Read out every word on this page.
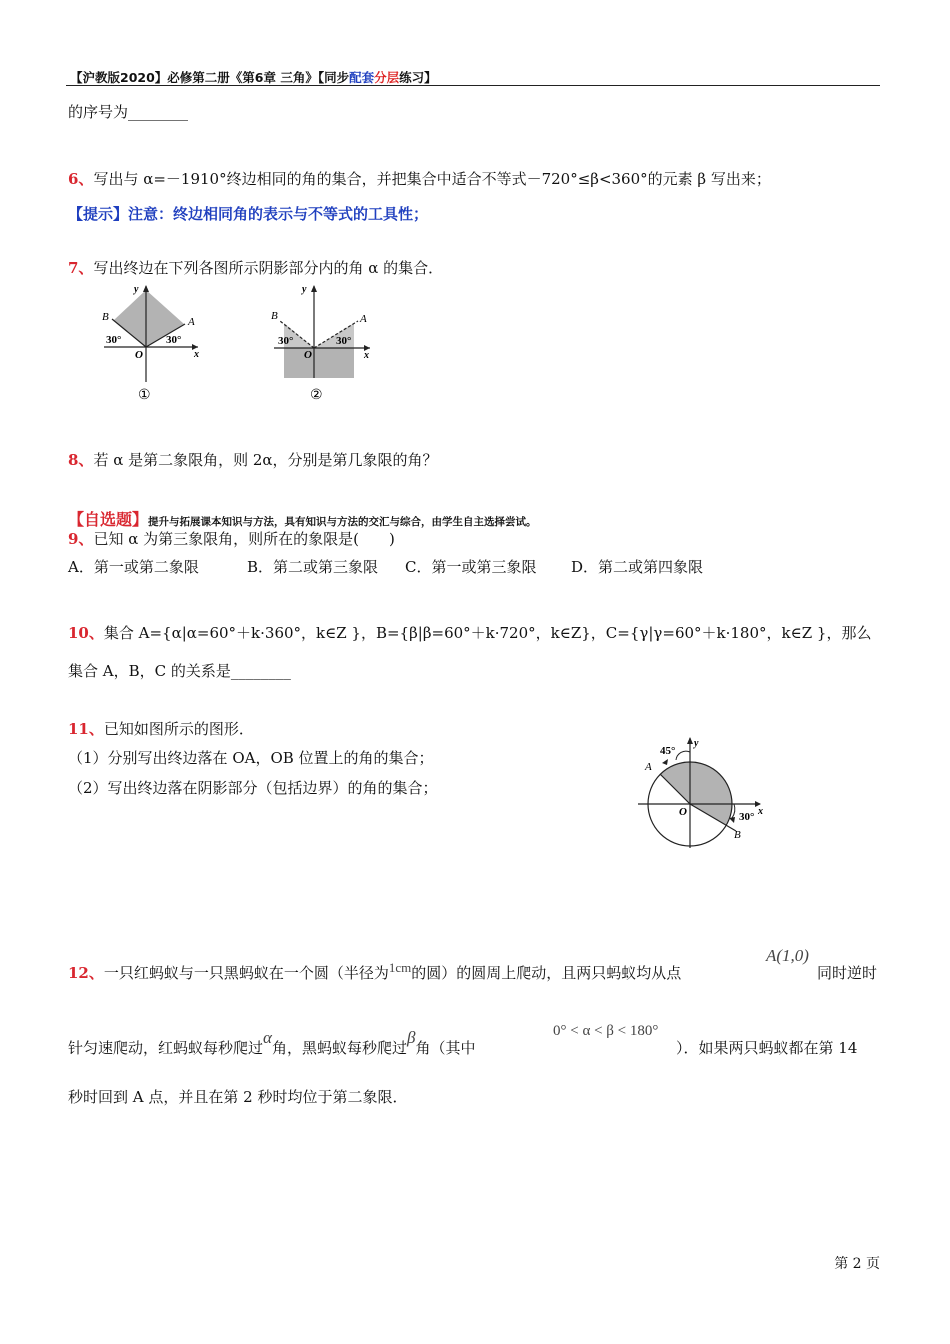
【沪教版2020】必修第二册《第6章 三角》【同步配套分层练习】
的序号为________
6、写出与 α=－1910°终边相同的角的集合，并把集合中适合不等式－720°≤β<360°的元素 β 写出来；
【提示】注意：终边相同角的表示与不等式的工具性；
7、写出终边在下列各图所示阴影部分内的角 α 的集合．
y
B	A
O	x
30°	30°
①
y
B	A
O	x
30°	30°
②
8、若 α 是第二象限角，则 2α，分别是第几象限的角？
【自选题】提升与拓展课本知识与方法，具有知识与方法的交汇与综合，由学生自主选择尝试。
9、已知 α 为第三象限角，则所在的象限是(　　)
A．第一或第二象限	B．第二或第三象限 C．第一或第三象限 D．第二或第四象限
10、集合 A={α|α=60°＋k·360°，k∈Z }，B={β|β=60°＋k·720°，k∈Z}，C={γ|γ=60°＋k·180°，k∈Z }，那么
集合 A，B，C 的关系是________
11、已知如图所示的图形．
（1）分别写出终边落在 OA，OB 位置上的角的集合；
（2）写出终边落在阴影部分（包括边界）的角的集合；
45°
y
A
O	x
30°
B
12、一只红蚂蚁与一只黑蚂蚁在一个圆（半径为1cm的圆）的圆周上爬动，且两只蚂蚁均从点
A(1,0)
同时逆时
针匀速爬动，红蚂蚁每秒爬过α角，黑蚂蚁每秒爬过β角（其中
0° < α < β < 180°
）．如果两只蚂蚁都在第 14
秒时回到 A 点，并且在第 2 秒时均位于第二象限．
第 2 页
